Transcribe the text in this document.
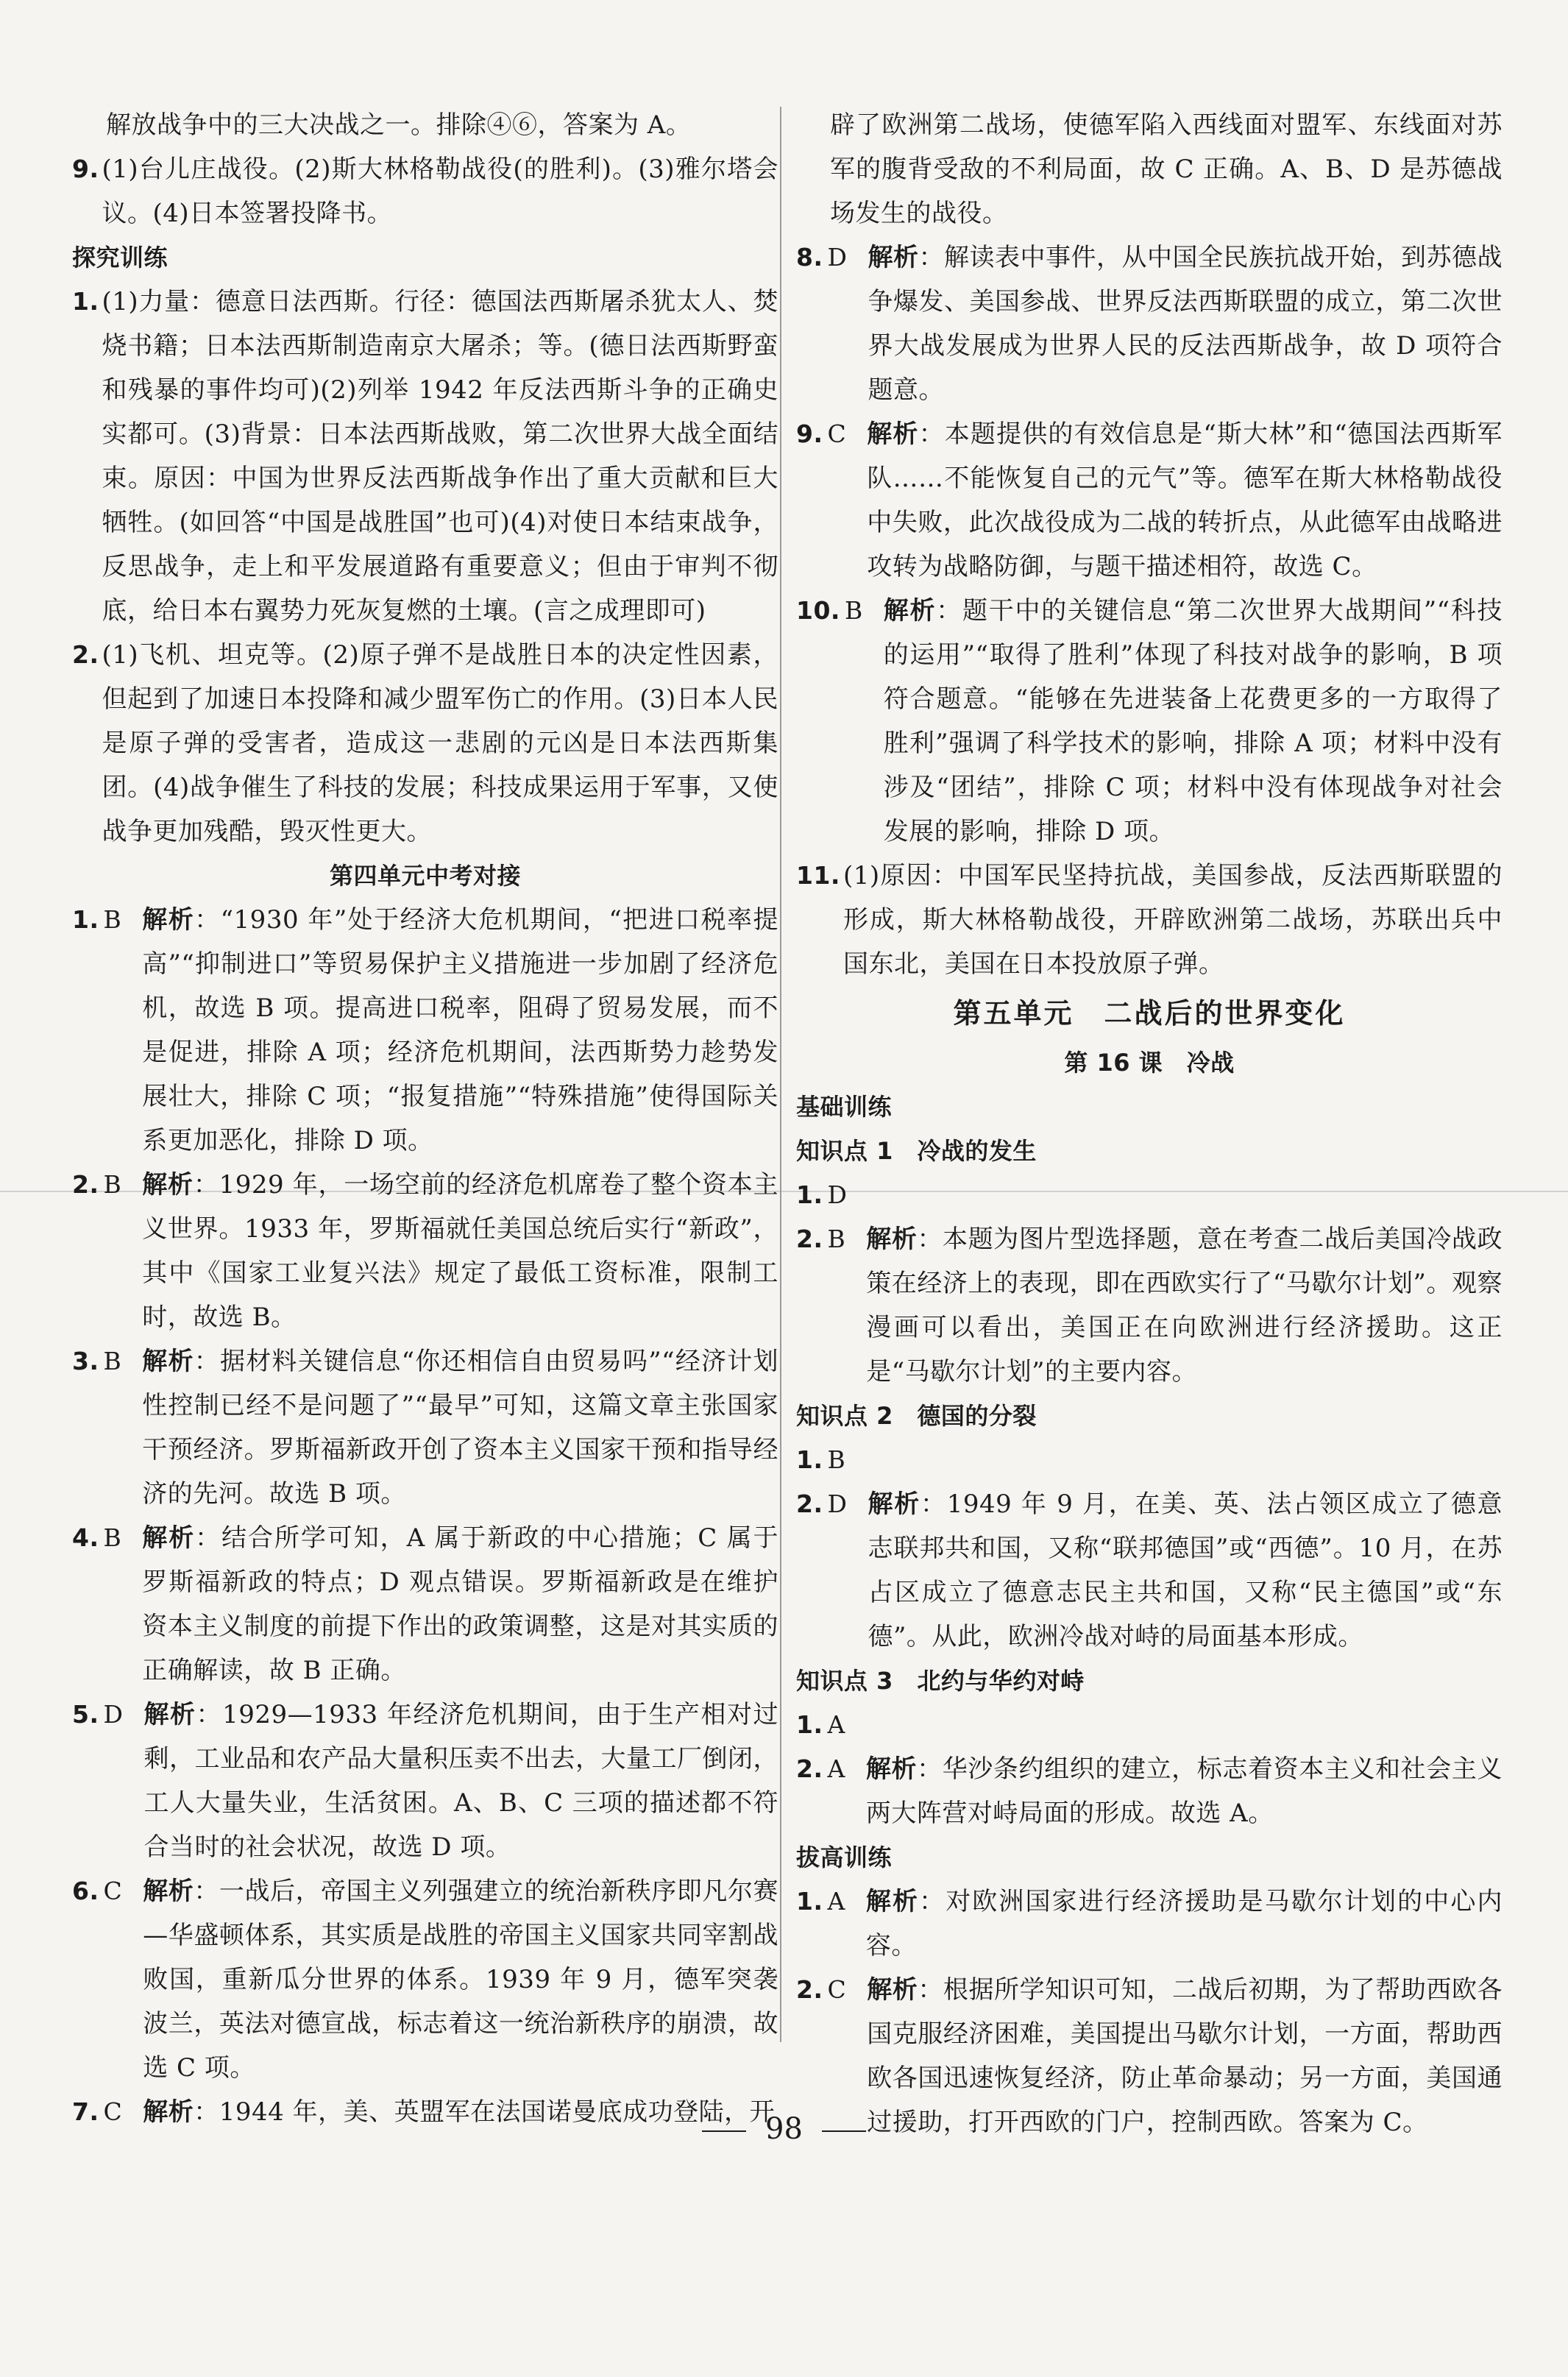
解放战争中的三大决战之一。排除④⑥，答案为 A。
9. (1)台儿庄战役。(2)斯大林格勒战役(的胜利)。(3)雅尔塔会议。(4)日本签署投降书。
探究训练
1. (1)力量：德意日法西斯。行径：德国法西斯屠杀犹太人、焚烧书籍；日本法西斯制造南京大屠杀；等。(德日法西斯野蛮和残暴的事件均可)(2)列举 1942 年反法西斯斗争的正确史实都可。(3)背景：日本法西斯战败，第二次世界大战全面结束。原因：中国为世界反法西斯战争作出了重大贡献和巨大牺牲。(如回答“中国是战胜国”也可)(4)对使日本结束战争，反思战争，走上和平发展道路有重要意义；但由于审判不彻底，给日本右翼势力死灰复燃的土壤。(言之成理即可)
2. (1)飞机、坦克等。(2)原子弹不是战胜日本的决定性因素，但起到了加速日本投降和减少盟军伤亡的作用。(3)日本人民是原子弹的受害者，造成这一悲剧的元凶是日本法西斯集团。(4)战争催生了科技的发展；科技成果运用于军事，又使战争更加残酷，毁灭性更大。
第四单元中考对接
1. B 解析：“1930 年”处于经济大危机期间，“把进口税率提高”“抑制进口”等贸易保护主义措施进一步加剧了经济危机，故选 B 项。提高进口税率，阻碍了贸易发展，而不是促进，排除 A 项；经济危机期间，法西斯势力趁势发展壮大，排除 C 项；“报复措施”“特殊措施”使得国际关系更加恶化，排除 D 项。
2. B 解析：1929 年，一场空前的经济危机席卷了整个资本主义世界。1933 年，罗斯福就任美国总统后实行“新政”，其中《国家工业复兴法》规定了最低工资标准，限制工时，故选 B。
3. B 解析：据材料关键信息“你还相信自由贸易吗”“经济计划性控制已经不是问题了”“最早”可知，这篇文章主张国家干预经济。罗斯福新政开创了资本主义国家干预和指导经济的先河。故选 B 项。
4. B 解析：结合所学可知，A 属于新政的中心措施；C 属于罗斯福新政的特点；D 观点错误。罗斯福新政是在维护资本主义制度的前提下作出的政策调整，这是对其实质的正确解读，故 B 正确。
5. D 解析：1929—1933 年经济危机期间，由于生产相对过剩，工业品和农产品大量积压卖不出去，大量工厂倒闭，工人大量失业，生活贫困。A、B、C 三项的描述都不符合当时的社会状况，故选 D 项。
6. C 解析：一战后，帝国主义列强建立的统治新秩序即凡尔赛—华盛顿体系，其实质是战胜的帝国主义国家共同宰割战败国，重新瓜分世界的体系。1939 年 9 月，德军突袭波兰，英法对德宣战，标志着这一统治新秩序的崩溃，故选 C 项。
7. C 解析：1944 年，美、英盟军在法国诺曼底成功登陆，开
辟了欧洲第二战场，使德军陷入西线面对盟军、东线面对苏军的腹背受敌的不利局面，故 C 正确。A、B、D 是苏德战场发生的战役。
8. D 解析：解读表中事件，从中国全民族抗战开始，到苏德战争爆发、美国参战、世界反法西斯联盟的成立，第二次世界大战发展成为世界人民的反法西斯战争，故 D 项符合题意。
9. C 解析：本题提供的有效信息是“斯大林”和“德国法西斯军队……不能恢复自己的元气”等。德军在斯大林格勒战役中失败，此次战役成为二战的转折点，从此德军由战略进攻转为战略防御，与题干描述相符，故选 C。
10. B 解析：题干中的关键信息“第二次世界大战期间”“科技的运用”“取得了胜利”体现了科技对战争的影响，B 项符合题意。“能够在先进装备上花费更多的一方取得了胜利”强调了科学技术的影响，排除 A 项；材料中没有涉及“团结”，排除 C 项；材料中没有体现战争对社会发展的影响，排除 D 项。
11. (1)原因：中国军民坚持抗战，美国参战，反法西斯联盟的形成，斯大林格勒战役，开辟欧洲第二战场，苏联出兵中国东北，美国在日本投放原子弹。
第五单元　二战后的世界变化
第 16 课　冷战
基础训练
知识点 1　冷战的发生
1. D
2. B 解析：本题为图片型选择题，意在考查二战后美国冷战政策在经济上的表现，即在西欧实行了“马歇尔计划”。观察漫画可以看出，美国正在向欧洲进行经济援助。这正是“马歇尔计划”的主要内容。
知识点 2　德国的分裂
1. B
2. D 解析：1949 年 9 月，在美、英、法占领区成立了德意志联邦共和国，又称“联邦德国”或“西德”。10 月，在苏占区成立了德意志民主共和国，又称“民主德国”或“东德”。从此，欧洲冷战对峙的局面基本形成。
知识点 3　北约与华约对峙
1. A
2. A 解析：华沙条约组织的建立，标志着资本主义和社会主义两大阵营对峙局面的形成。故选 A。
拔高训练
1. A 解析：对欧洲国家进行经济援助是马歇尔计划的中心内容。
2. C 解析：根据所学知识可知，二战后初期，为了帮助西欧各国克服经济困难，美国提出马歇尔计划，一方面，帮助西欧各国迅速恢复经济，防止革命暴动；另一方面，美国通过援助，打开西欧的门户，控制西欧。答案为 C。
98
